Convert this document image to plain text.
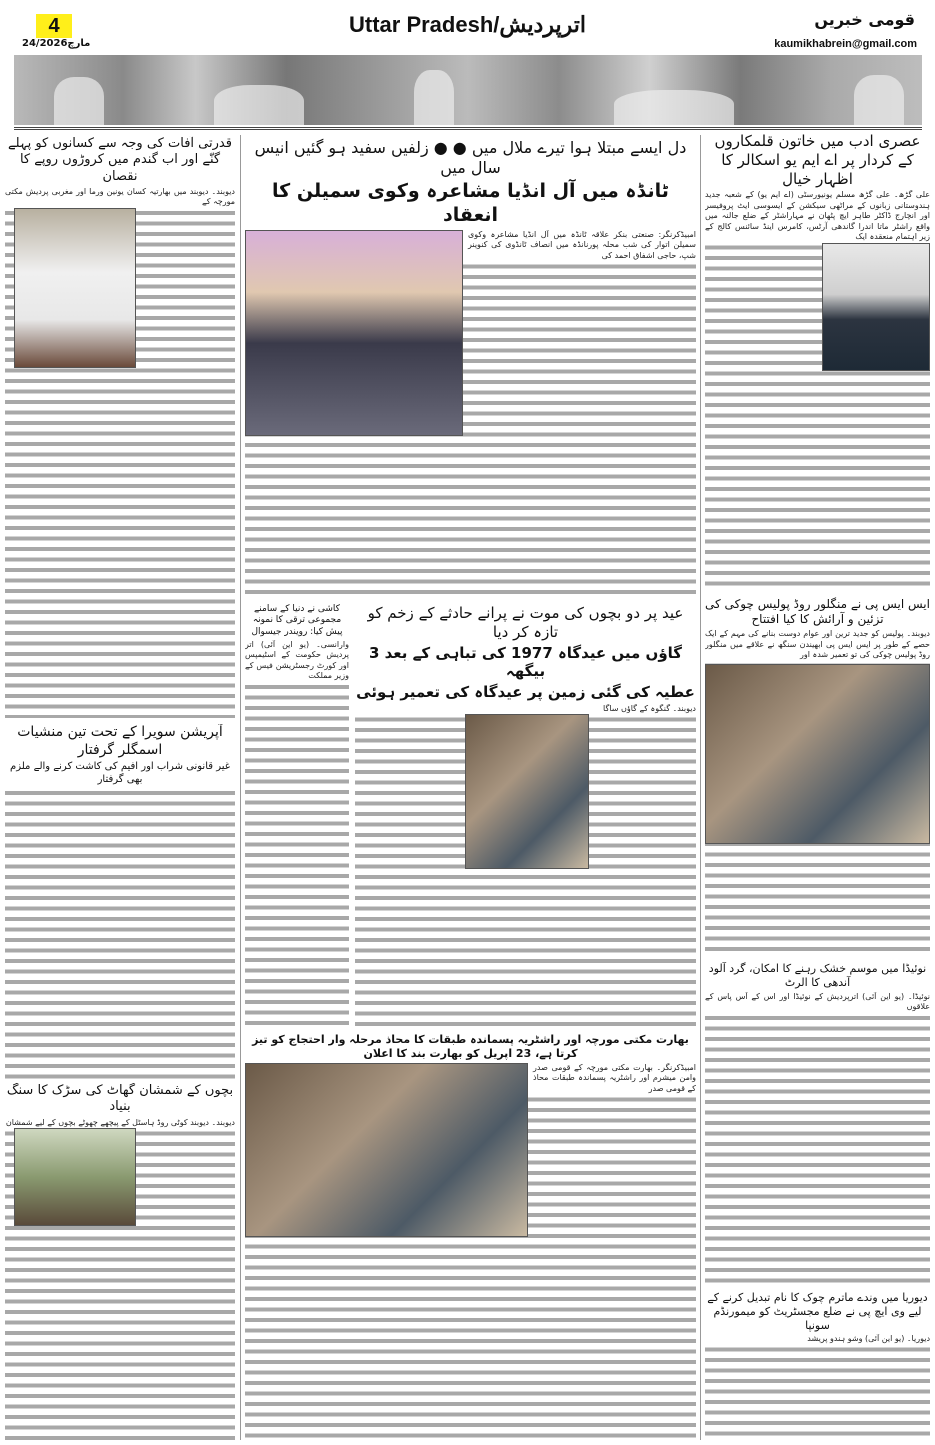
4
24/مارچ2026
Uttar Pradesh/اترپردیش	قومی خبریں
kaumikhabrein@gmail.com
عصری ادب میں خاتون قلمکاروں کے کردار پر اے ایم یو اسکالر کا اظہار خیال

علی گڑھ۔ علی گڑھ مسلم یونیورسٹی (اے ایم یو) کے شعبہ جدید ہندوستانی زبانوں کے مراٹھی سیکشن کے ایسوسی ایٹ پروفیسر اور انچارج ڈاکٹر طاہر ایچ پٹھان نے مہاراشٹر کے ضلع جالنہ میں واقع راشٹر ماتا اندرا گاندھی آرٹس، کامرس اینڈ سائنس کالج کے زیر اہتمام منعقدہ ایک

ایس ایس پی نے منگلور روڈ پولیس چوکی کی تزئین و آرائش کا کیا افتتاح

دیوبند۔ پولیس کو جدید ترین اور عوام دوست بنانے کی مہم کے ایک حصے کے طور پر ایس ایس پی ابھیندن سنگھ نے علاقے میں منگلور روڈ پولیس چوکی کی تو تعمیر شدہ اور

نوئیڈا میں موسم خشک رہنے کا امکان، گرد آلود آندھی کا الرٹ

نوئیڈا۔ (یو این آئی) اترپردیش کے نوئیڈا اور اس کے آس پاس کے علاقوں

دیوریا میں وندے ماترم چوک کا نام تبدیل کرنے کے لیے وی ایچ پی نے ضلع مجسٹریٹ کو میمورنڈم سونپا

دیوریا۔ (یو این آئی) وشو ہندو پریشد

دل ایسے مبتلا ہوا تیرے ملال میں ● ● زلفیں سفید ہو گئیں انیس سال میں
ٹانڈہ میں آل انڈیا مشاعرہ وکوی سمیلن کا انعقاد

امبیڈکرنگر: صنعتی بنکر علاقہ ٹانڈہ میں آل انڈیا مشاعرہ وکوی سمیلن اتوار کی شب محلہ پورنانڈہ میں انصاف ٹانڈوی کی کنوینر شپ، حاجی اشفاق احمد کی

کاشی نے دنیا کے سامنے مجموعی ترقی کا نمونہ پیش کیا: رویندر جیسوال

وارانسی۔ (یو این آئی) اتر پردیش حکومت کے اسٹیمپس اور کورٹ رجسٹریشن فیس کے وزیر مملکت

عید پر دو بچوں کی موت نے پرانے حادثے کے زخم کو تازہ کر دیا
گاؤں میں عیدگاہ 1977 کی تباہی کے بعد 3 بیگھہ
عطیہ کی گئی زمین پر عیدگاہ کی تعمیر ہوئی

دیوبند۔ گنگوہ کے گاؤں ساگا

بھارت مکتی مورچہ اور راشٹریہ پسماندہ طبقات کا محاذ مرحلہ وار احتجاج کو تیز کرتا ہے، 23 اپریل کو بھارت بند کا اعلان

امبیڈکرنگر۔ بھارت مکتی مورچہ کے قومی صدر وامن میشرم اور راشٹریہ پسماندہ طبقات محاذ کے قومی صدر

قدرتی آفات کی وجہ سے کسانوں کو پہلے گنّے اور اب گندم میں کروڑوں روپے کا نقصان

دیوبند۔ دیوبند میں بھارتیہ کسان یونین ورما اور مغربی پردیش مکتی مورچہ کے

آپریشن سویرا کے تحت تین منشیات اسمگلر گرفتار
غیر قانونی شراب اور افیم کی کاشت کرنے والے ملزم بھی گرفتار
بچوں کے شمشان گھاٹ کی سڑک کا سنگ بنیاد

دیوبند۔ دیوبند کوٹی روڈ ہاسٹل کے پیچھے چھوٹے بچوں کے لیے شمشان
